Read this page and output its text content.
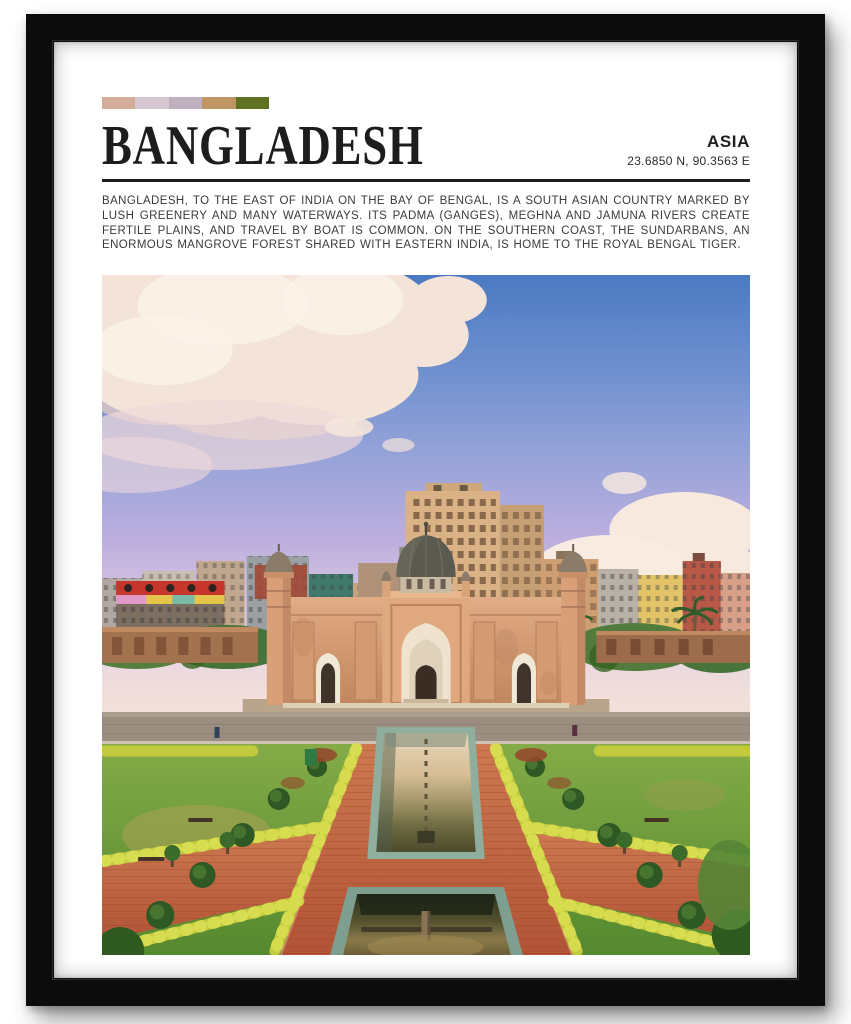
BANGLADESH	ASIA
23.6850 N, 90.3563 E

BANGLADESH, TO THE EAST OF INDIA ON THE BAY OF BENGAL, IS A SOUTH ASIAN COUNTRY MARKED BY LUSH GREENERY AND MANY WATERWAYS. ITS PADMA (GANGES), MEGHNA AND JAMUNA RIVERS CREATE FERTILE PLAINS, AND TRAVEL BY BOAT IS COMMON. ON THE SOUTHERN COAST, THE SUNDARBANS, AN ENORMOUS MANGROVE FOREST SHARED WITH EASTERN INDIA, IS HOME TO THE ROYAL BENGAL TIGER.
